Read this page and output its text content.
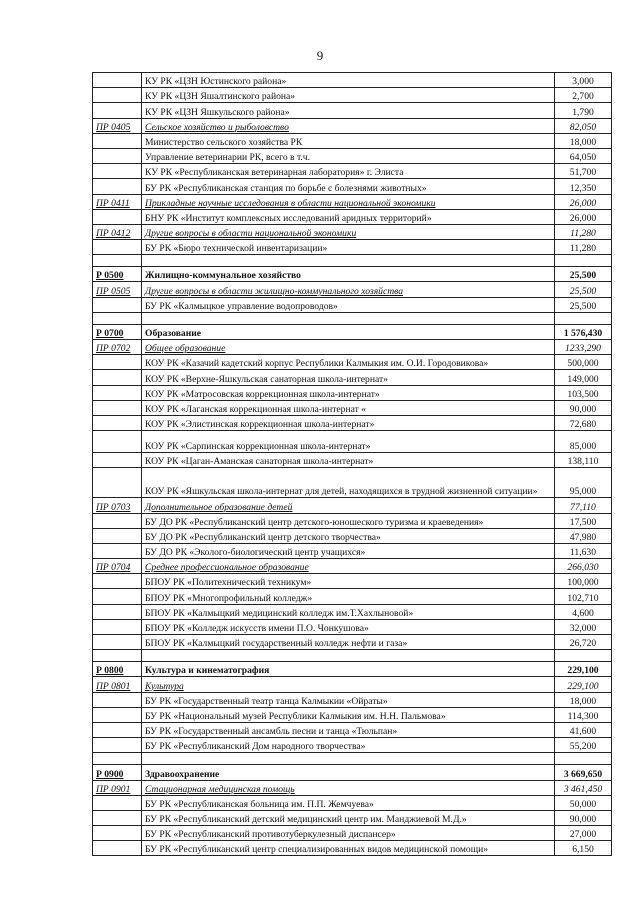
9
	КУ РК «ЦЗН Юстинского района»	3,000
	КУ РК «ЦЗН Яшалтинского района»	2,700
	КУ РК «ЦЗН Яшкульского района»	1,790
ПР 0405	Сельское хозяйство и рыболовство	82,050
	Министерство сельского хозяйства РК	18,000
	Управление ветеринарии РК, всего в т.ч.	64,050
	КУ РК «Республиканская ветеринарная лаборатория» г. Элиста	51,700
	БУ РК «Республиканская станция по борьбе с болезнями животных»	12,350
ПР 0411	Прикладные научные исследования в области национальной экономики	26,000
	БНУ РК «Институт комплексных исследований аридных территорий»	26,000
ПР 0412	Другие вопросы в области национальной экономики	11,280
	БУ РК «Бюро технической инвентаризации»	11,280

Р 0500	Жилищно-коммунальное хозяйство	25,500
ПР 0505	Другие вопросы в области жилищно-коммунального хозяйства	25,500
	БУ РК «Калмыцкое управление водопроводов»	25,500

Р 0700	Образование	1 576,430
ПР 0702	Общее образование	1233,290
	КОУ РК «Казачий кадетский корпус Республики Калмыкия им. О.И. Городовикова»	500,000
	КОУ РК «Верхне-Яшкульская санаторная школа-интернат»	149,000
	КОУ РК «Матросовская коррекционная школа-интернат»	103,500
	КОУ РК «Лаганская коррекционная школа-интернат «	90,000
	КОУ РК «Элистинская коррекционная школа-интернат»	72,680
	КОУ РК «Сарпинская коррекционная школа-интернат»	85,000
	КОУ РК «Цаган-Аманская санаторная школа-интернат»	138,110
	КОУ РК «Яшкульская школа-интернат для детей, находящихся в трудной жизненной ситуации»	95,000
ПР 0703	Дополнительное образование детей	77,110
	БУ ДО РК «Республиканский центр детского-юношеского туризма и краеведения»	17,500
	БУ ДО РК «Республиканский центр детского творчества»	47,980
	БУ ДО РК «Эколого-биологический центр учащихся»	11,630
ПР 0704	Среднее профессиональное образование	266,030
	БПОУ РК «Политехнический техникум»	100,000
	БПОУ РК «Многопрофильный колледж»	102,710
	БПОУ РК «Калмыцкий медицинский колледж им.Т.Хахлыновой»	4,600
	БПОУ РК «Колледж искусств имени П.О. Чонкушова»	32,000
	БПОУ РК «Калмыцкий государственный колледж нефти и газа»	26,720

Р 0800	Культура и кинематография	229,100
ПР 0801	Культура	229,100
	БУ РК «Государственный театр танца Калмыкии «Ойраты»	18,000
	БУ РК «Национальный музей Республики Калмыкия им. Н.Н. Пальмова»	114,300
	БУ РК «Государственный ансамбль песни и танца «Тюльпан»	41,600
	БУ РК «Республиканский Дом народного творчества»	55,200

Р 0900	Здравоохранение	3 669,650
ПР 0901	Стационарная медицинская помощь	3 461,450
	БУ РК «Республиканская больница им. П.П. Жемчуева»	50,000
	БУ РК «Республиканский детский медицинский центр им. Манджиевой М.Д.»	90,000
	БУ РК «Республиканский противотуберкулезный диспансер»	27,000
	БУ РК «Республиканский центр специализированных видов медицинской помощи»	6,150
